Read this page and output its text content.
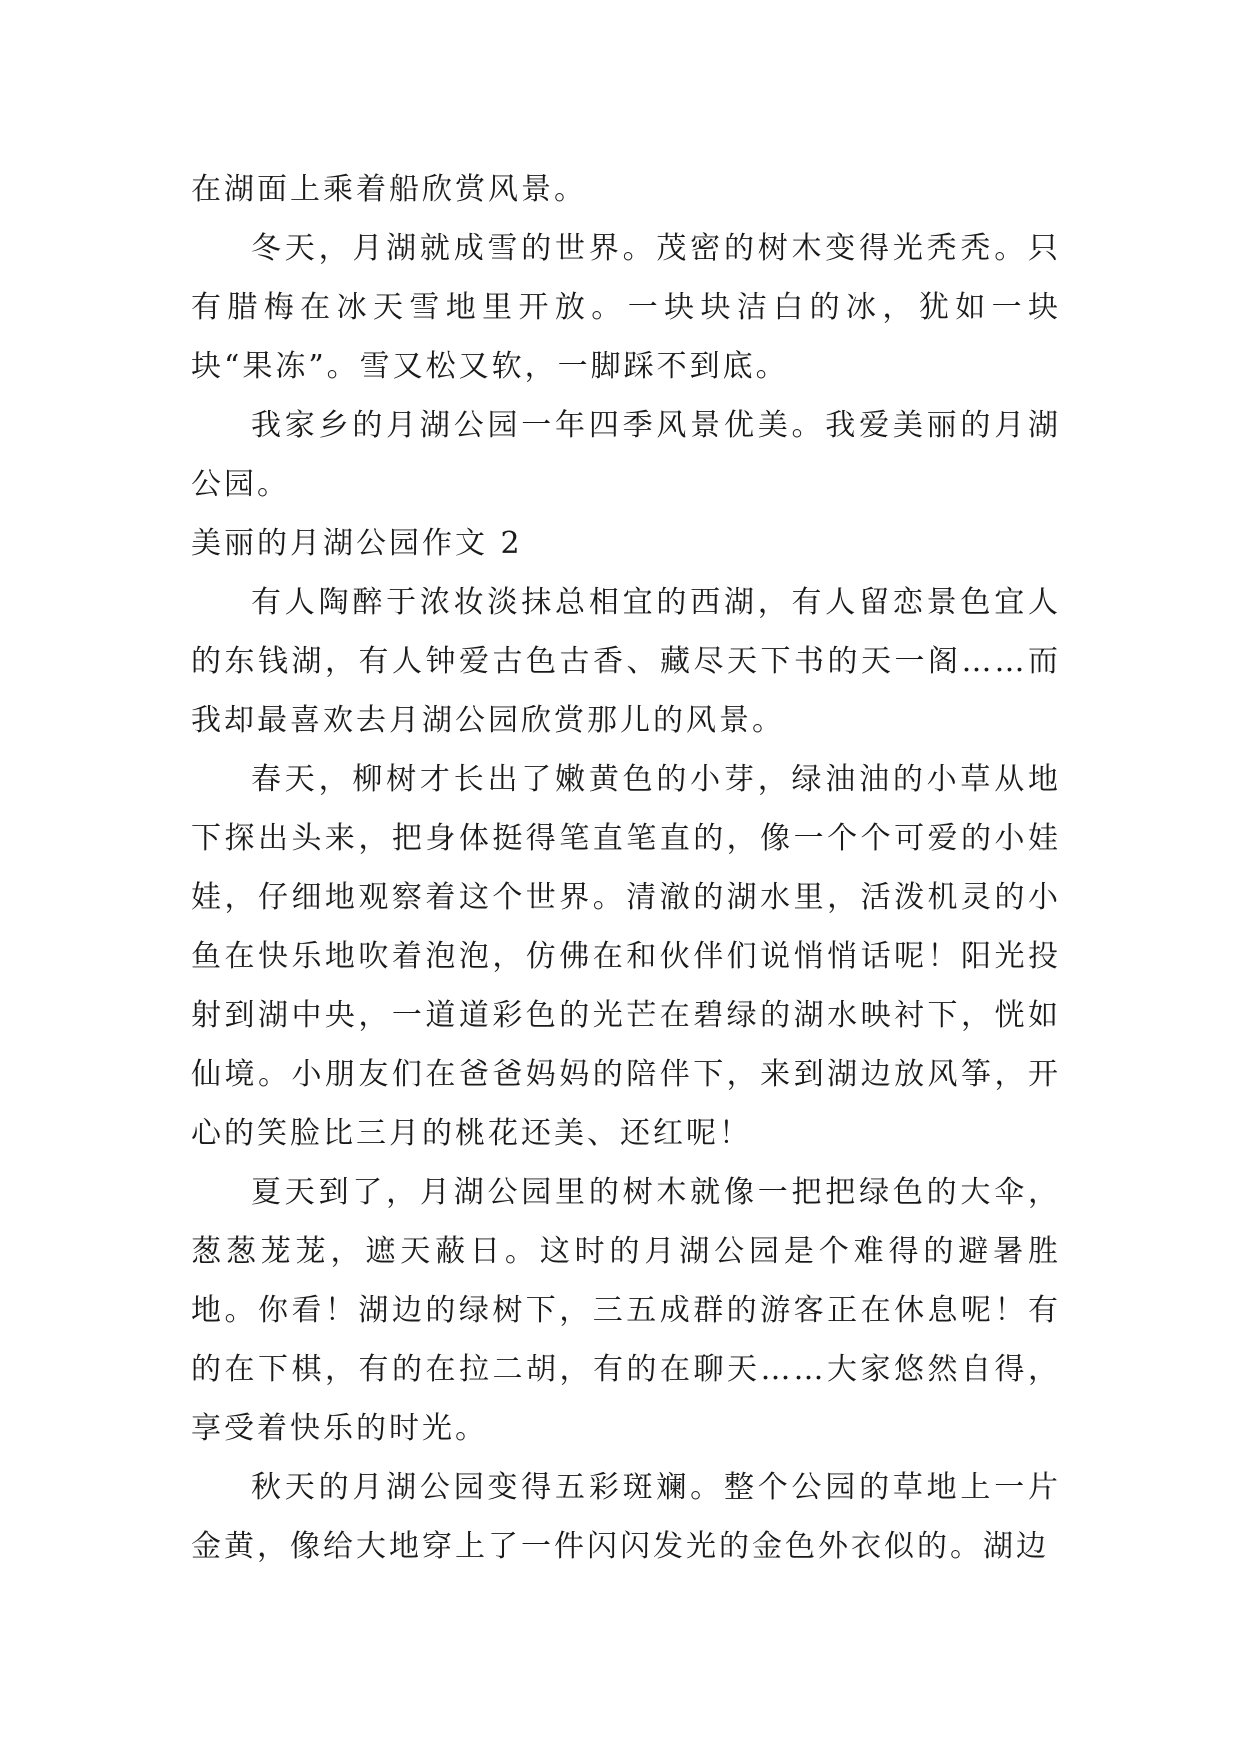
在湖面上乘着船欣赏风景。

冬天，月湖就成雪的世界。茂密的树木变得光秃秃。只有腊梅在冰天雪地里开放。一块块洁白的冰，犹如一块块“果冻”。雪又松又软，一脚踩不到底。

我家乡的月湖公园一年四季风景优美。我爱美丽的月湖公园。

美丽的月湖公园作文 2

有人陶醉于浓妆淡抹总相宜的西湖，有人留恋景色宜人的东钱湖，有人钟爱古色古香、藏尽天下书的天一阁……而我却最喜欢去月湖公园欣赏那儿的风景。

春天，柳树才长出了嫩黄色的小芽，绿油油的小草从地下探出头来，把身体挺得笔直笔直的，像一个个可爱的小娃娃，仔细地观察着这个世界。清澈的湖水里，活泼机灵的小鱼在快乐地吹着泡泡，仿佛在和伙伴们说悄悄话呢！阳光投射到湖中央，一道道彩色的光芒在碧绿的湖水映衬下，恍如仙境。小朋友们在爸爸妈妈的陪伴下，来到湖边放风筝，开心的笑脸比三月的桃花还美、还红呢！

夏天到了，月湖公园里的树木就像一把把绿色的大伞，葱葱茏茏，遮天蔽日。这时的月湖公园是个难得的避暑胜地。你看！湖边的绿树下，三五成群的游客正在休息呢！有的在下棋，有的在拉二胡，有的在聊天……大家悠然自得，享受着快乐的时光。

秋天的月湖公园变得五彩斑斓。整个公园的草地上一片金黄，像给大地穿上了一件闪闪发光的金色外衣似的。湖边
